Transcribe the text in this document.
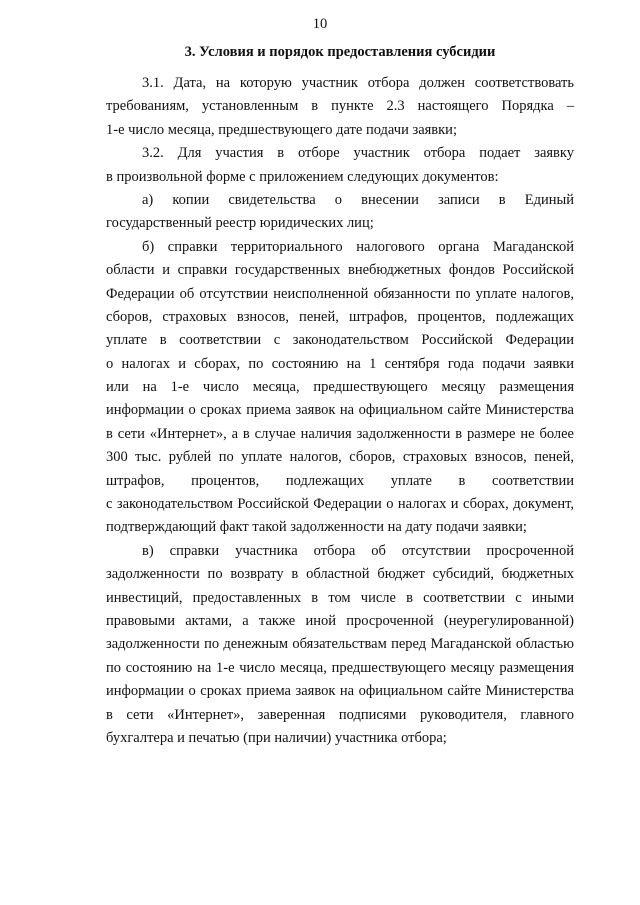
10
3. Условия и порядок предоставления субсидии
3.1. Дата, на которую участник отбора должен соответствовать
требованиям, установленным в пункте 2.3 настоящего Порядка –
1-е число месяца, предшествующего дате подачи заявки;
3.2. Для участия в отборе участник отбора подает заявку
в произвольной форме с приложением следующих документов:
а) копии свидетельства о внесении записи в Единый
государственный реестр юридических лиц;
б) справки территориального налогового органа Магаданской
области и справки государственных внебюджетных фондов Российской
Федерации об отсутствии неисполненной обязанности по уплате налогов,
сборов, страховых взносов, пеней, штрафов, процентов, подлежащих
уплате в соответствии с законодательством Российской Федерации
о налогах и сборах, по состоянию на 1 сентября года подачи заявки
или на 1-е число месяца, предшествующего месяцу размещения
информации о сроках приема заявок на официальном сайте Министерства
в сети «Интернет», а в случае наличия задолженности в размере не более
300 тыс. рублей по уплате налогов, сборов, страховых взносов, пеней,
штрафов, процентов, подлежащих уплате в соответствии
с законодательством Российской Федерации о налогах и сборах, документ,
подтверждающий факт такой задолженности на дату подачи заявки;
в) справки участника отбора об отсутствии просроченной
задолженности по возврату в областной бюджет субсидий, бюджетных
инвестиций, предоставленных в том числе в соответствии с иными
правовыми актами, а также иной просроченной (неурегулированной)
задолженности по денежным обязательствам перед Магаданской областью
по состоянию на 1-е число месяца, предшествующего месяцу размещения
информации о сроках приема заявок на официальном сайте Министерства
в сети «Интернет», заверенная подписями руководителя, главного
бухгалтера и печатью (при наличии) участника отбора;
